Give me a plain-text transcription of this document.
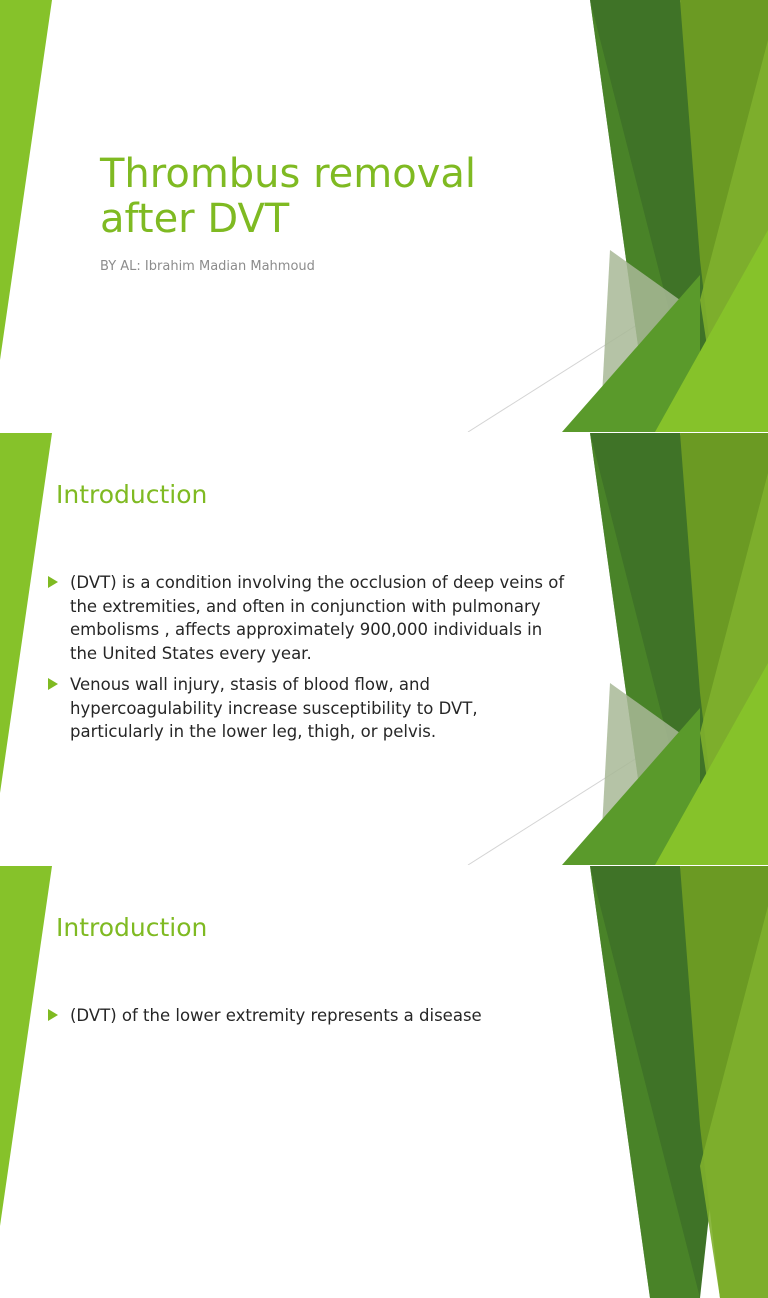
Thrombus removal after DVT

BY AL: Ibrahim Madian Mahmoud

Introduction
(DVT) is a condition involving the occlusion of deep veins of the extremities, and often in conjunction with pulmonary embolisms , affects approximately 900,000 individuals in the United States every year.
Venous wall injury, stasis of blood flow, and hypercoagulability increase susceptibility to DVT, particularly in the lower leg, thigh, or pelvis.
Introduction
(DVT) of the lower extremity represents a disease
